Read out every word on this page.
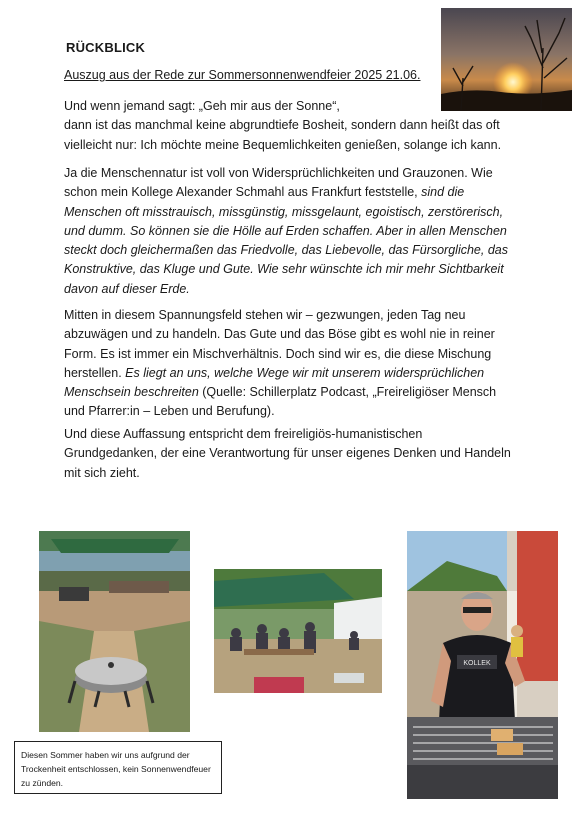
RÜCKBLICK
Auszug aus der Rede zur Sommersonnenwendfeier 2025 21.06.
Und wenn jemand sagt: „Geh mir aus der Sonne“,
dann ist das manchmal keine abgrundtiefe Bosheit, sondern dann heißt das oft vielleicht nur: Ich möchte meine Bequemlichkeiten genießen, solange ich kann.
Ja die Menschennatur ist voll von Widersprüchlichkeiten und Grauzonen. Wie schon mein Kollege Alexander Schmahl aus Frankfurt feststelle, sind die Menschen oft misstrauisch, missgünstig, missgelaunt, egoistisch, zerstörerisch, und dumm. So können sie die Hölle auf Erden schaffen. Aber in allen Menschen steckt doch gleichermaßen das Friedvolle, das Liebevolle, das Fürsorgliche, das Konstruktive, das Kluge und Gute. Wie sehr wünschte ich mir mehr Sichtbarkeit davon auf dieser Erde.
Mitten in diesem Spannungsfeld stehen wir – gezwungen, jeden Tag neu abzuwägen und zu handeln. Das Gute und das Böse gibt es wohl nie in reiner Form. Es ist immer ein Mischverhältnis. Doch sind wir es, die diese Mischung herstellen. Es liegt an uns, welche Wege wir mit unserem widersprüchlichen Menschsein beschreiten (Quelle: Schillerplatz Podcast, „Freireligiöser Mensch und Pfarrer:in – Leben und Berufung).
Und diese Auffassung entspricht dem freireligiös-humanistischen Grundgedanken, der eine Verantwortung für unser eigenes Denken und Handeln mit sich zieht.
KOLLEK
Diesen Sommer haben wir uns aufgrund der Trockenheit entschlossen, kein Sonnenwendfeuer zu zünden.
